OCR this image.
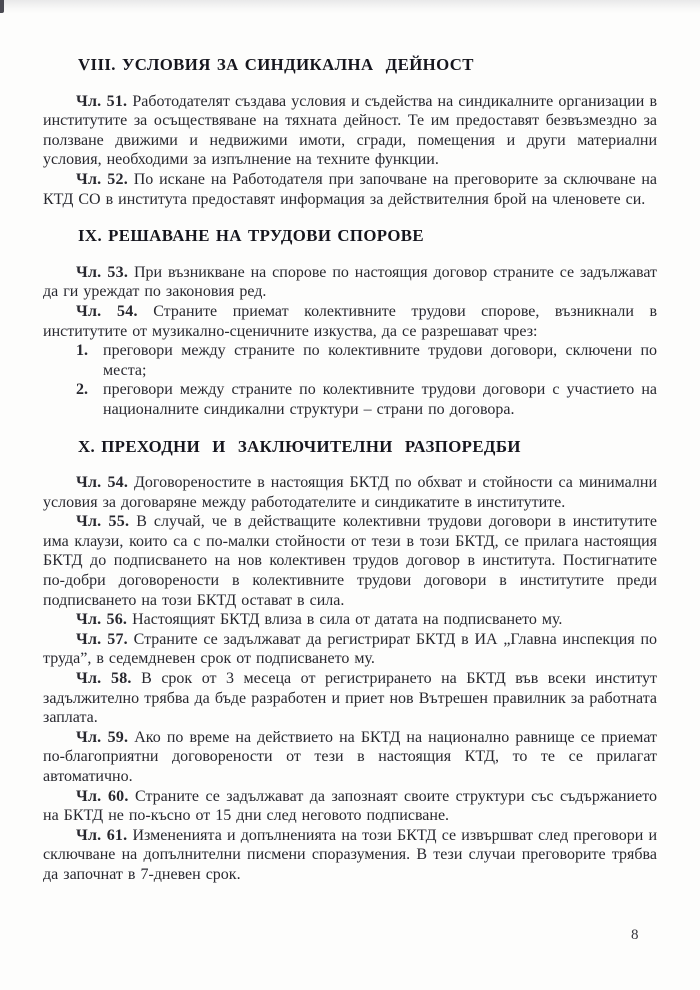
VIII. УСЛОВИЯ ЗА СИНДИКАЛНА  ДЕЙНОСТ

Чл. 51. Работодателят създава условия и съдейства на синдикалните организации в институтите за осъществяване на тяхната дейност. Те им предоставят безвъзмездно за ползване движими и недвижими имоти, сгради, помещения и други материални условия, необходими за изпълнение на техните функции.

Чл. 52. По искане на Работодателя при започване на преговорите за сключване на КТД СО в института предоставят информация за действителния брой на членовете си.

IX. РЕШАВАНЕ НА ТРУДОВИ СПОРОВЕ

Чл. 53. При възникване на спорове по настоящия договор страните се задължават да ги уреждат по законовия ред.

Чл. 54. Страните приемат колективните трудови спорове, възникнали в институтите от музикално-сценичните изкуства, да се разрешават чрез:

1. преговори между страните по колективните трудови договори, сключени по места;
2. преговори между страните по колективните трудови договори с участието на националните синдикални структури – страни по договора.
X. ПРЕХОДНИ  И  ЗАКЛЮЧИТЕЛНИ  РАЗПОРЕДБИ

Чл. 54. Договореностите в настоящия БКТД по обхват и стойности са минимални условия за договаряне между работодателите и синдикатите в институтите.

Чл. 55. В случай, че в действащите колективни трудови договори в институтите има клаузи, които са с по-малки стойности от тези в този БКТД, се прилага настоящия БКТД до подписването на нов колективен трудов договор в института. Постигнатите по-добри договорености в колективните трудови договори в институтите преди подписването на този БКТД остават в сила.

Чл. 56. Настоящият БКТД влиза в сила от датата на подписването му.

Чл. 57. Страните се задължават да регистрират БКТД в ИА „Главна инспекция по труда”, в седемдневен срок от подписването му.

Чл. 58. В срок от 3 месеца от регистрирането на БКТД във всеки институт задължително трябва да бъде разработен и приет нов Вътрешен правилник за работната заплата.

Чл. 59. Ако по време на действието на БКТД на национално равнище се приемат по-благоприятни договорености от тези в настоящия КТД, то те се прилагат автоматично.

Чл. 60. Страните се задължават да запознаят своите структури със съдържанието на БКТД не по-късно от 15 дни след неговото подписване.

Чл. 61. Измененията и допълненията на този БКТД се извършват след преговори и сключване на допълнителни писмени споразумения. В тези случаи преговорите трябва да започнат в 7-дневен срок.

8
